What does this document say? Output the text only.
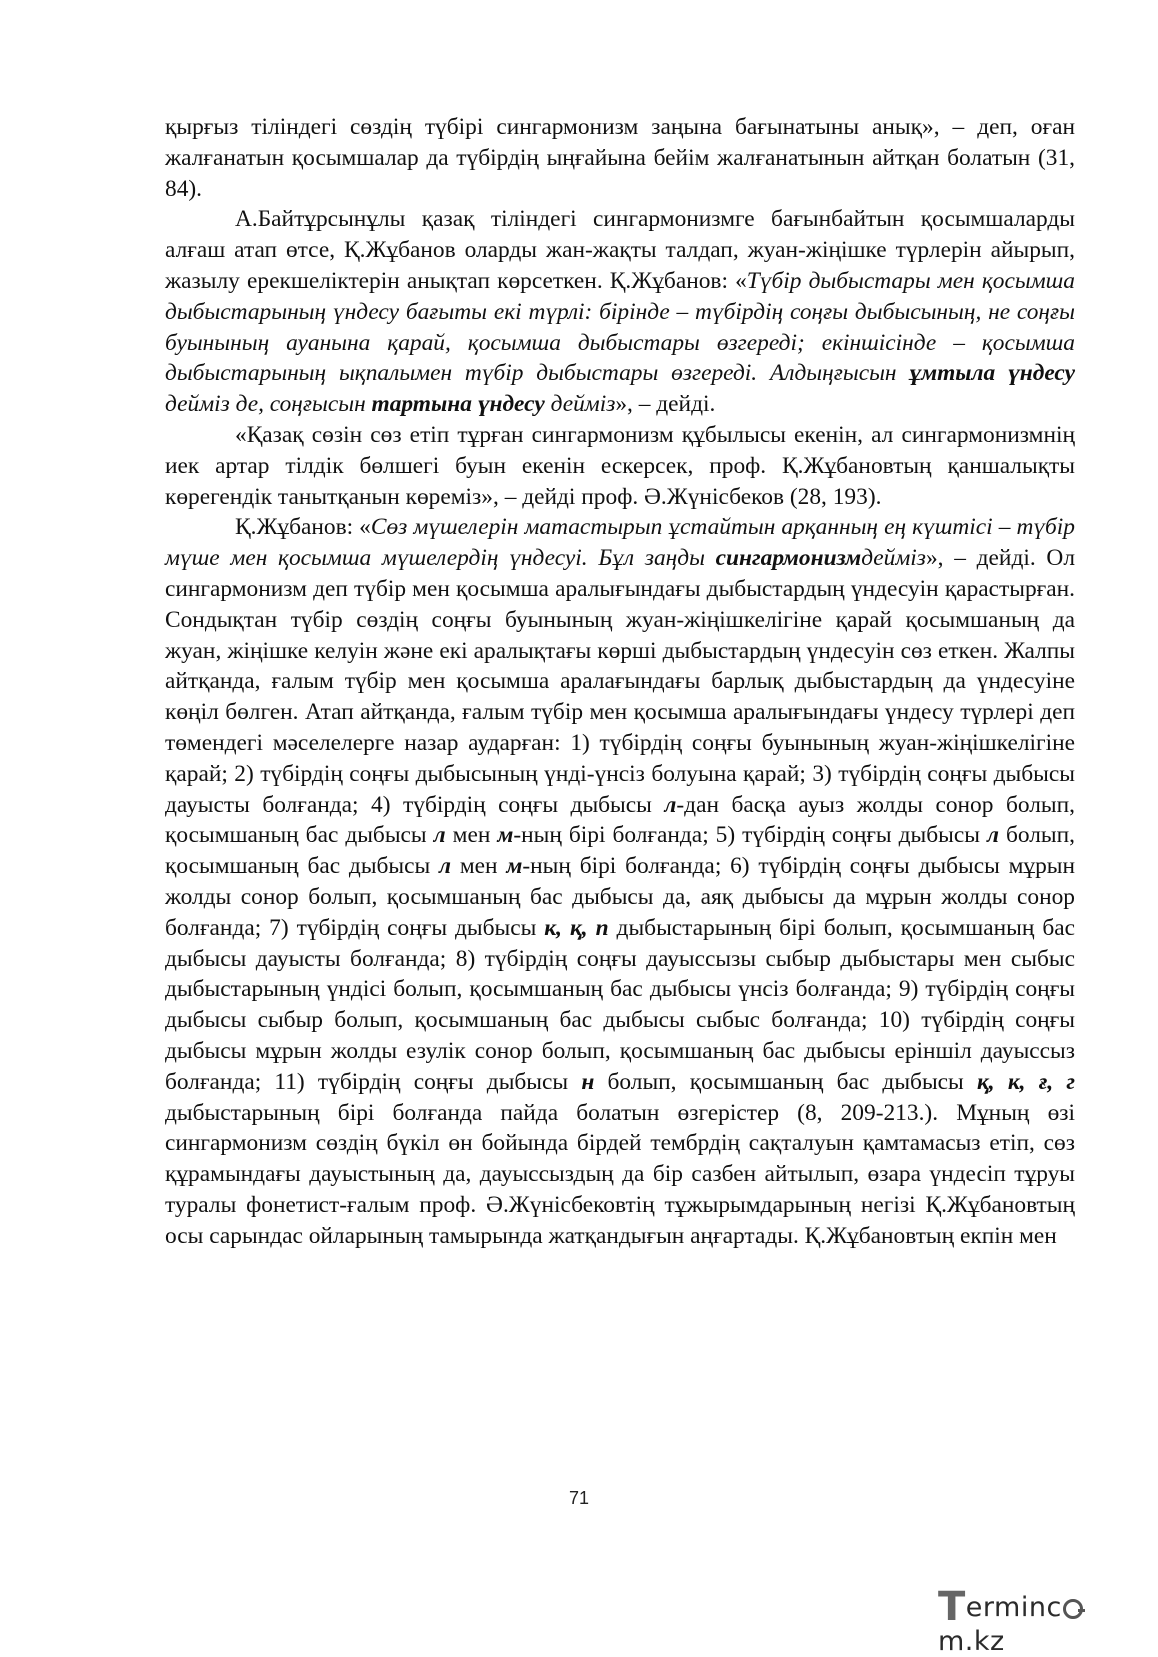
қырғыз тіліндегі сөздің түбірі сингармонизм заңына бағынатыны анық», – деп, оған жалғанатын қосымшалар да түбірдің ыңғайына бейім жалғанатынын айтқан болатын (31, 84).

А.Байтұрсынұлы қазақ тіліндегі сингармонизмге бағынбайтын қосымшаларды алғаш атап өтсе, Қ.Жұбанов оларды жан-жақты талдап, жуан-жіңішке түрлерін айырып, жазылу ерекшеліктерін анықтап көрсеткен. Қ.Жұбанов: «Түбір дыбыстары мен қосымша дыбыстарының үндесу бағыты екі түрлі: бірінде – түбірдің соңғы дыбысының, не соңғы буынының ауанына қарай, қосымша дыбыстары өзгереді; екіншісінде – қосымша дыбыстарының ықпалымен түбір дыбыстары өзгереді. Алдыңғысын ұмтыла үндесу дейміз де, соңғысын тартына үндесу дейміз», – дейді.

«Қазақ сөзін сөз етіп тұрған сингармонизм құбылысы екенін, ал сингармонизмнің иек артар тілдік бөлшегі буын екенін ескерсек, проф. Қ.Жұбановтың қаншалықты көрегендік танытқанын көреміз», – дейді проф. Ә.Жүнісбеков (28, 193).

Қ.Жұбанов: «Сөз мүшелерін матастырып ұстайтын арқанның ең күштісі – түбір мүше мен қосымша мүшелердің үндесуі. Бұл заңды сингармонизмдейміз», – дейді. Ол сингармонизм деп түбір мен қосымша аралығындағы дыбыстардың үндесуін қарастырған. Сондықтан түбір сөздің соңғы буынының жуан-жіңішкелігіне қарай қосымшаның да жуан, жіңішке келуін және екі аралықтағы көрші дыбыстардың үндесуін сөз еткен. Жалпы айтқанда, ғалым түбір мен қосымша аралағындағы барлық дыбыстардың да үндесуіне көңіл бөлген. Атап айтқанда, ғалым түбір мен қосымша аралығындағы үндесу түрлері деп төмендегі мәселелерге назар аударған: 1) түбірдің соңғы буынының жуан-жіңішкелігіне қарай; 2) түбірдің соңғы дыбысының үнді-үнсіз болуына қарай; 3) түбірдің соңғы дыбысы дауысты болғанда; 4) түбірдің соңғы дыбысы л-дан басқа ауыз жолды сонор болып, қосымшаның бас дыбысы л мен м-ның бірі болғанда; 5) түбірдің соңғы дыбысы л болып, қосымшаның бас дыбысы л мен м-ның бірі болғанда; 6) түбірдің соңғы дыбысы мұрын жолды сонор болып, қосымшаның бас дыбысы да, аяқ дыбысы да мұрын жолды сонор болғанда; 7) түбірдің соңғы дыбысы к, қ, п дыбыстарының бірі болып, қосымшаның бас дыбысы дауысты болғанда; 8) түбірдің соңғы дауыссызы сыбыр дыбыстары мен сыбыс дыбыстарының үндісі болып, қосымшаның бас дыбысы үнсіз болғанда; 9) түбірдің соңғы дыбысы сыбыр болып, қосымшаның бас дыбысы сыбыс болғанда; 10) түбірдің соңғы дыбысы мұрын жолды езулік сонор болып, қосымшаның бас дыбысы еріншіл дауыссыз болғанда; 11) түбірдің соңғы дыбысы н болып, қосымшаның бас дыбысы қ, к, ғ, г дыбыстарының бірі болғанда пайда болатын өзгерістер (8, 209-213.). Мұның өзі сингармонизм сөздің бүкіл өн бойында бірдей тембрдің сақталуын қамтамасыз етіп, сөз құрамындағы дауыстының да, дауыссыздың да бір сазбен айтылып, өзара үндесіп тұруы туралы фонетист-ғалым проф. Ә.Жүнісбековтің тұжырымдарының негізі Қ.Жұбановтың осы сарындас ойларының тамырында жатқандығын аңғартады. Қ.Жұбановтың екпін мен

71
Termincm.kz
